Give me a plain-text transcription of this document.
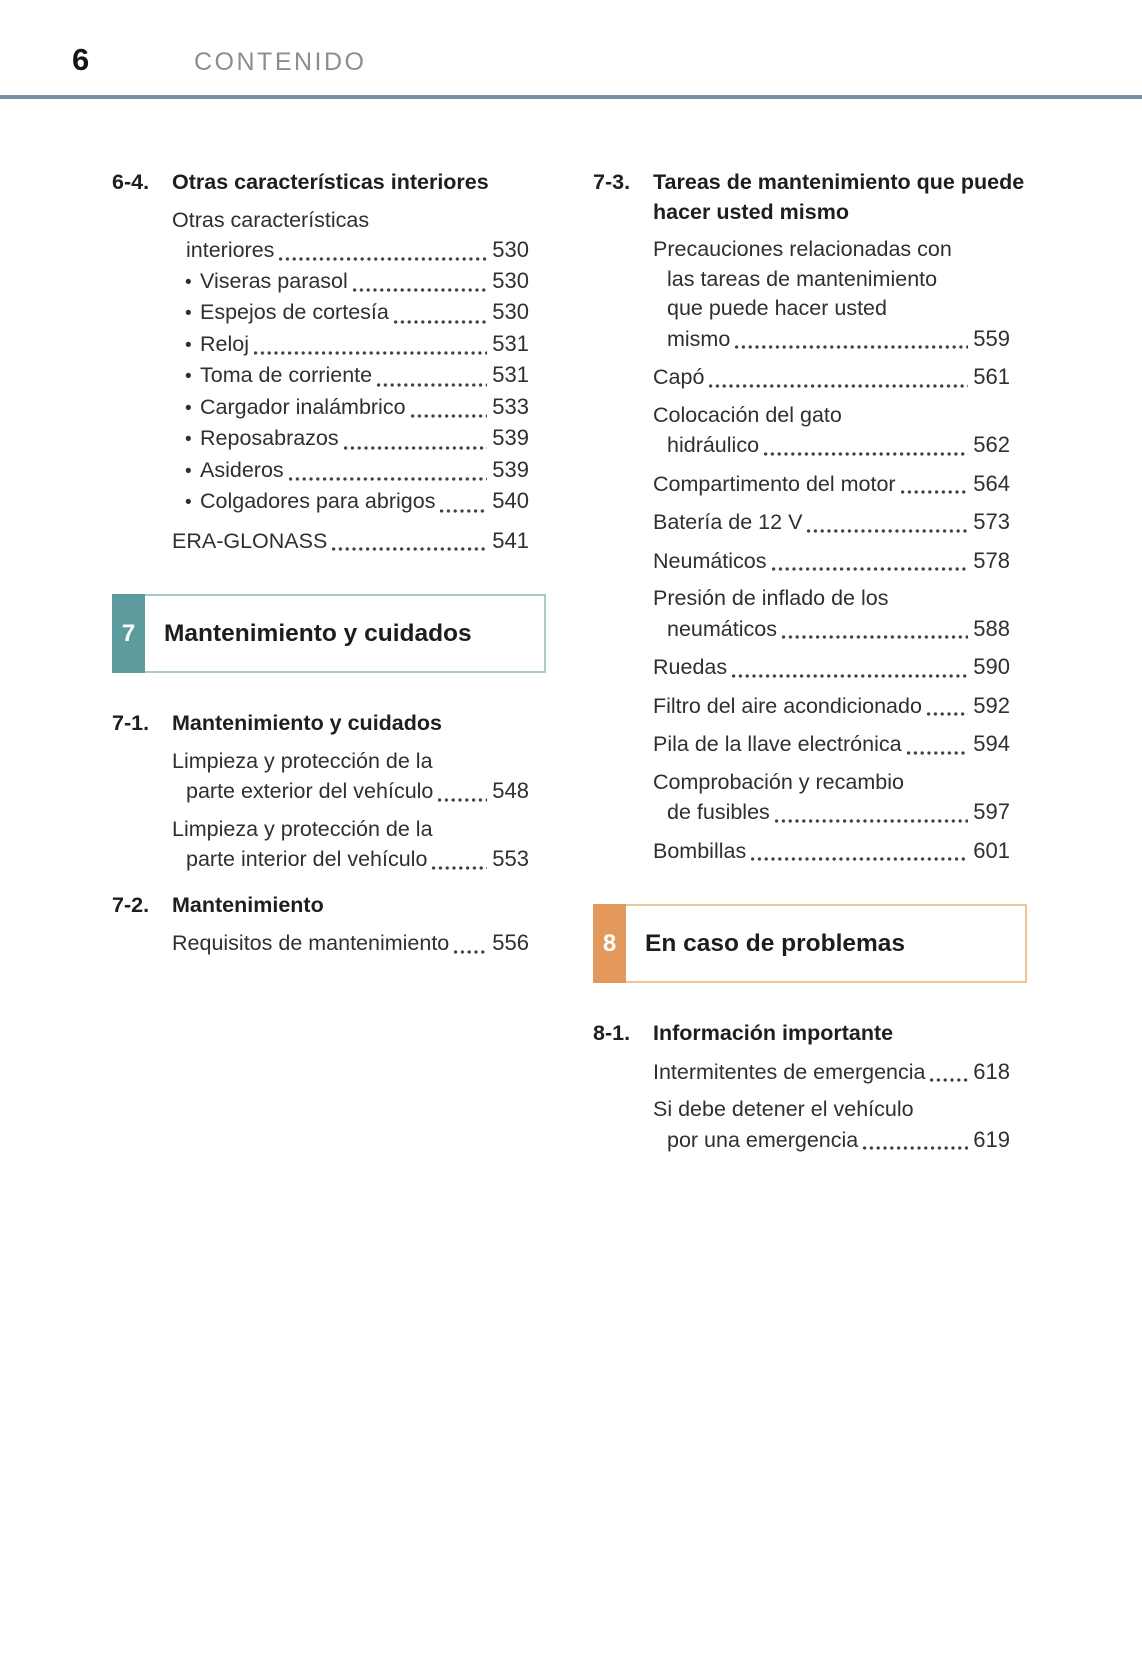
6	CONTENIDO
6-4.	Otras características interiores
Otras características
interiores	530
• Viseras parasol	530
• Espejos de cortesía	530
• Reloj	531
• Toma de corriente	531
• Cargador inalámbrico	533
• Reposabrazos	539
• Asideros	539
• Colgadores para abrigos	540
ERA-GLONASS	541
7	Mantenimiento y cuidados
7-1.	Mantenimiento y cuidados
Limpieza y protección de la
parte exterior del vehículo	548
Limpieza y protección de la
parte interior del vehículo	553
7-2.	Mantenimiento
Requisitos de mantenimiento 556
7-3.	Tareas de mantenimiento que puede
hacer usted mismo
Precauciones relacionadas con
las tareas de mantenimiento
que puede hacer usted
mismo	559
Capó	561
Colocación del gato
hidráulico	562
Compartimento del motor	564
Batería de 12 V	573
Neumáticos	578
Presión de inflado de los
neumáticos	588
Ruedas	590
Filtro del aire acondicionado 592
Pila de la llave electrónica	594
Comprobación y recambio
de fusibles	597
Bombillas	601
8	En caso de problemas
8-1.	Información importante
Intermitentes de emergencia 618
Si debe detener el vehículo
por una emergencia	619
